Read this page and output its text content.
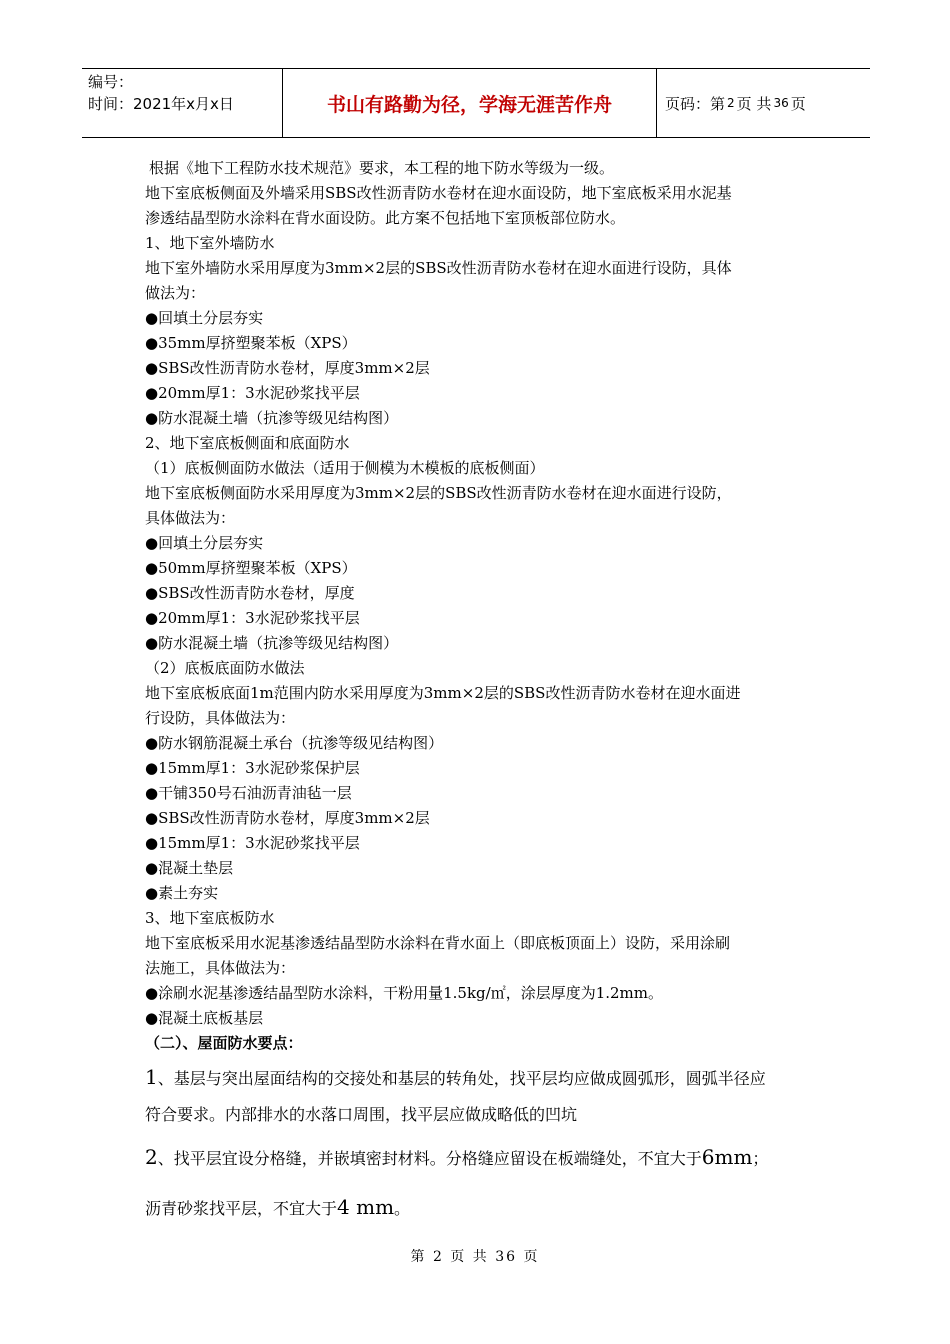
编号：
时间：2021年x月x日	书山有路勤为径，学海无涯苦作舟	页码：第 2 页 共 36 页
根据《地下工程防水技术规范》要求，本工程的地下防水等级为一级。
地下室底板侧面及外墙采用SBS改性沥青防水卷材在迎水面设防，地下室底板采用水泥基
渗透结晶型防水涂料在背水面设防。此方案不包括地下室顶板部位防水。
1、地下室外墙防水
地下室外墙防水采用厚度为3mm×2层的SBS改性沥青防水卷材在迎水面进行设防，具体
做法为：
●回填土分层夯实
●35mm厚挤塑聚苯板（XPS）
●SBS改性沥青防水卷材，厚度3mm×2层
●20mm厚1：3水泥砂浆找平层
●防水混凝土墙（抗渗等级见结构图）
2、地下室底板侧面和底面防水
（1）底板侧面防水做法（适用于侧模为木模板的底板侧面）
地下室底板侧面防水采用厚度为3mm×2层的SBS改性沥青防水卷材在迎水面进行设防，
具体做法为：
●回填土分层夯实
●50mm厚挤塑聚苯板（XPS）
●SBS改性沥青防水卷材，厚度
●20mm厚1：3水泥砂浆找平层
●防水混凝土墙（抗渗等级见结构图）
（2）底板底面防水做法
地下室底板底面1m范围内防水采用厚度为3mm×2层的SBS改性沥青防水卷材在迎水面进
行设防，具体做法为：
●防水钢筋混凝土承台（抗渗等级见结构图）
●15mm厚1：3水泥砂浆保护层
●干铺350号石油沥青油毡一层
●SBS改性沥青防水卷材，厚度3mm×2层
●15mm厚1：3水泥砂浆找平层
●混凝土垫层
●素土夯实
3、地下室底板防水
地下室底板采用水泥基渗透结晶型防水涂料在背水面上（即底板顶面上）设防，采用涂刷
法施工，具体做法为：
●涂刷水泥基渗透结晶型防水涂料，干粉用量1.5kg/㎡，涂层厚度为1.2mm。
●混凝土底板基层
（二）、屋面防水要点：
1、基层与突出屋面结构的交接处和基层的转角处，找平层均应做成圆弧形，圆弧半径应
符合要求。内部排水的水落口周围，找平层应做成略低的凹坑
2、找平层宜设分格缝，并嵌填密封材料。分格缝应留设在板端缝处，不宜大于6mm；
沥青砂浆找平层，不宜大于4 mm。
第 2 页 共 36 页
